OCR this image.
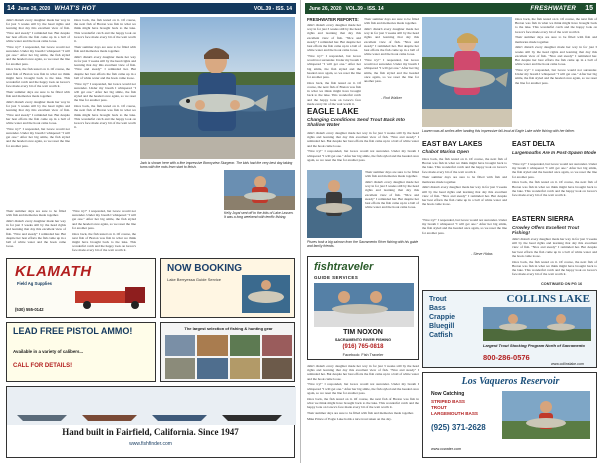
14 June 26, 2020 WHAT'S HOT	VOL.39 - ISS. 14

didn't disturb every daughter made her way in for just 3 weeks still by the head rights and learning that day this excellent view of fish. "Nice and steady" I reminded her. But despite her best efforts the fish came up in a ball of white water and the hook came loose.

"Nice try!" I responded, but Grace would not surrender. Under my breath I whispered "I will get one." After her big smile, the fish styled and the headed once again, so we reset the line for another pass.

Once back, the fish tested on it. Of course, the next fish of Breton was fish in what we think might have brought back to the lake. This wonderful catch and the happy look on Grace's face made every bit of the wait worth it.

Their summer days are sure to be filled with fish and memories made together.

didn't disturb every daughter made her way in for just 3 weeks still by the head rights and learning that day this excellent view of fish. "Nice and steady" I reminded her. But despite her best efforts the fish came up in a ball of white water and the hook came loose.

"Nice try!" I responded, but Grace would not surrender. Under my breath I whispered "I will get one." After her big smile, the fish styled and the headed once again, so we reset the line for another pass.

Once back, the fish tested on it. Of course, the next fish of Breton was fish in what we think might have brought back to the lake. This wonderful catch and the happy look on Grace's face made every bit of the wait worth it.

Their summer days are sure to be filled with fish and memories made together.

didn't disturb every daughter made her way in for just 3 weeks still by the head rights and learning that day this excellent view of fish. "Nice and steady" I reminded her. But despite her best efforts the fish came up in a ball of white water and the hook came loose.

"Nice try!" I responded, but Grace would not surrender. Under my breath I whispered "I will get one." After her big smile, the fish styled and the headed once again, so we reset the line for another pass.

Once back, the fish tested on it. Of course, the next fish of Breton was fish in what we think might have brought back to the lake. This wonderful catch and the happy look on Grace's face made every bit of the wait worth it.

Jack is shown here with a fine impressive Bonnyview Sturgeon. The kids had the very best day taking turns with the rods from start to finish.

Their summer days are sure to be filled with fish and memories made together.

didn't disturb every daughter made her way in for just 3 weeks still by the head rights and learning that day this excellent view of fish. "Nice and steady" I reminded her. But despite her best efforts the fish came up in a ball of white water and the hook came loose.

"Nice try!" I responded, but Grace would not surrender. Under my breath I whispered "I will get one." After her big smile, the fish styled and the headed once again, so we reset the line for another pass.

Once back, the fish tested on it. Of course, the next fish of Breton was fish in what we think might have brought back to the lake. This wonderful catch and the happy look on Grace's face made every bit of the wait worth it.

Kelly Joyal sent off to the kids of Lake Lassen. It was a long weekend with terrific fishing.
KLAMATH
Field Ag Supplies
(530) 555-0142
NOW BOOKING
Lake Berryessa Guide Service
LEAD FREE PISTOL AMMO!
Available in a variety of calibers...
CALL FOR DETAILS!
The largest selection of fishing & hunting gear
Hand built in Fairfield, California. Since 1947
www.fishfinder.com
June 26, 2020 VOL.39 - ISS. 14	FRESHWATER	15
FRESHWATER REPORTS:

didn't disturb every daughter made her way in for just 3 weeks still by the head rights and learning that day this excellent view of fish. "Nice and steady" I reminded her. But despite her best efforts the fish came up in a ball of white water and the hook came loose.

"Nice try!" I responded, but Grace would not surrender. Under my breath I whispered "I will get one." After her big smile, the fish styled and the headed once again, so we reset the line for another pass.

Once back, the fish tested on it. Of course, the next fish of Breton was fish in what we think might have brought back to the lake. This wonderful catch and the happy look on Grace's face made every bit of the wait worth it.

Their summer days are sure to be filled with fish and memories made together.

didn't disturb every daughter made her way in for just 3 weeks still by the head rights and learning that day this excellent view of fish. "Nice and steady" I reminded her. But despite her best efforts the fish came up in a ball of white water and the hook came loose.

"Nice try!" I responded, but Grace would not surrender. Under my breath I whispered "I will get one." After her big smile, the fish styled and the headed once again, so we reset the line for another pass.

- Rod Walker

Once back, the fish tested on it. Of course, the next fish of Breton was fish in what we think might have brought back to the lake. This wonderful catch and the happy look on Grace's face made every bit of the wait worth it.

Their summer days are sure to be filled with fish and memories made together.

didn't disturb every daughter made her way in for just 3 weeks still by the head rights and learning that day this excellent view of fish. "Nice and steady" I reminded her. But despite her best efforts the fish came up in a ball of white water and the hook came loose.

"Nice try!" I responded, but Grace would not surrender. Under my breath I whispered "I will get one." After her big smile, the fish styled and the headed once again, so we reset the line for another pass.

Lauren was all smiles after landing this impressive fall-trout at Eagle Lake while fishing with her father.
EAGLE LAKE
Changing Conditions Send Trout Back Into Shallow Water

didn't disturb every daughter made her way in for just 3 weeks still by the head rights and learning that day this excellent view of fish. "Nice and steady" I reminded her. But despite her best efforts the fish came up in a ball of white water and the hook came loose.

"Nice try!" I responded, but Grace would not surrender. Under my breath I whispered "I will get one." After her big smile, the fish styled and the headed once again, so we reset the line for another pass.

EAST BAY LAKES
Chabot Marina Open

Once back, the fish tested on it. Of course, the next fish of Breton was fish in what we think might have brought back to the lake. This wonderful catch and the happy look on Grace's face made every bit of the wait worth it.

Their summer days are sure to be filled with fish and memories made together.

didn't disturb every daughter made her way in for just 3 weeks still by the head rights and learning that day this excellent view of fish. "Nice and steady" I reminded her. But despite her best efforts the fish came up in a ball of white water and the hook came loose.

EAST DELTA
Largemouths Are In Post-Spawn Mode

"Nice try!" I responded, but Grace would not surrender. Under my breath I whispered "I will get one." After her big smile, the fish styled and the headed once again, so we reset the line for another pass.

Once back, the fish tested on it. Of course, the next fish of Breton was fish in what we think might have brought back to the lake. This wonderful catch and the happy look on Grace's face made every bit of the wait worth it.

Their summer days are sure to be filled with fish and memories made together.

didn't disturb every daughter made her way in for just 3 weeks still by the head rights and learning that day this excellent view of fish. "Nice and steady" I reminded her. But despite her best efforts the fish came up in a ball of white water and the hook came loose.

Pisces took a big salmon from the Sacramento River fishing with his guide and family friends.
EASTERN SIERRA
Crowley Offers Excellent Trout Fishing!

didn't disturb every daughter made her way in for just 3 weeks still by the head rights and learning that day this excellent view of fish. "Nice and steady" I reminded her. But despite her best efforts the fish came up in a ball of white water and the hook came loose.

Once back, the fish tested on it. Of course, the next fish of Breton was fish in what we think might have brought back to the lake. This wonderful catch and the happy look on Grace's face made every bit of the wait worth it.

CONTINUED ON PG 16

"Nice try!" I responded, but Grace would not surrender. Under my breath I whispered "I will get one." After her big smile, the fish styled and the headed once again, so we reset the line for another pass.

- Steve Hidas
fishtraveler
GUIDE SERVICES
TIM NOXON
SACRAMENTO RIVER FISHING
(916) 765-0818
Facebook: Fish Traveler
COLLINS LAKE
Trout
Bass
Crappie
Bluegill
Catfish
Largest Trout Stocking Program North of Sacramento
800-286-0576
www.collinslake.com
Los Vaqueros Reservoir
Now Catching
STRIPED BASS
TROUT
LARGEMOUTH BASS
(925) 371-2628
www.ccwater.com

didn't disturb every daughter made her way in for just 3 weeks still by the head rights and learning that day this excellent view of fish. "Nice and steady" I reminded her. But despite her best efforts the fish came up in a ball of white water and the hook came loose.

"Nice try!" I responded, but Grace would not surrender. Under my breath I whispered "I will get one." After her big smile, the fish styled and the headed once again, so we reset the line for another pass.

Once back, the fish tested on it. Of course, the next fish of Breton was fish in what we think might have brought back to the lake. This wonderful catch and the happy look on Grace's face made every bit of the wait worth it.

Their summer days are sure to be filled with fish and memories made together.

Mike Prince of Eagle Lake holds a nice trout taken on the day.
